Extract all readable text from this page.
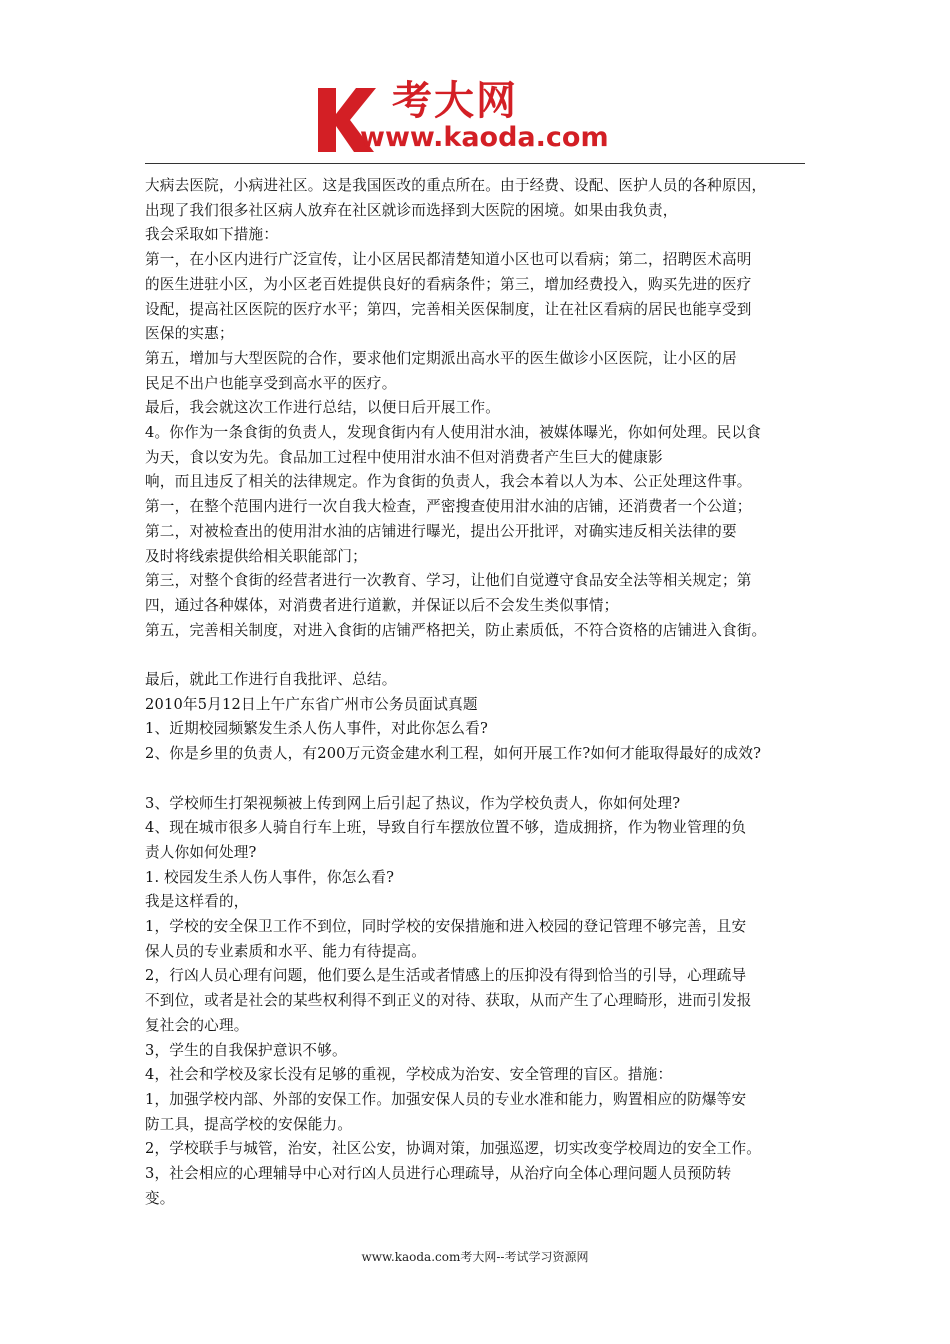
考大网
www.kaoda.com

大病去医院，小病进社区。这是我国医改的重点所在。由于经费、设配、医护人员的各种原因，

出现了我们很多社区病人放弃在社区就诊而选择到大医院的困境。如果由我负责，

我会采取如下措施：

第一，在小区内进行广泛宣传，让小区居民都清楚知道小区也可以看病；第二，招聘医术高明

的医生进驻小区，为小区老百姓提供良好的看病条件；第三，增加经费投入，购买先进的医疗

设配，提高社区医院的医疗水平；第四，完善相关医保制度，让在社区看病的居民也能享受到

医保的实惠；

第五，增加与大型医院的合作，要求他们定期派出高水平的医生做诊小区医院，让小区的居

民足不出户也能享受到高水平的医疗。

最后，我会就这次工作进行总结，以便日后开展工作。

4。你作为一条食街的负责人，发现食街内有人使用泔水油，被媒体曝光，你如何处理。民以食

为天，食以安为先。食品加工过程中使用泔水油不但对消费者产生巨大的健康影

响，而且违反了相关的法律规定。作为食街的负责人，我会本着以人为本、公正处理这件事。

第一，在整个范围内进行一次自我大检查，严密搜查使用泔水油的店铺，还消费者一个公道；

第二，对被检查出的使用泔水油的店铺进行曝光，提出公开批评，对确实违反相关法律的要

及时将线索提供给相关职能部门；

第三，对整个食街的经营者进行一次教育、学习，让他们自觉遵守食品安全法等相关规定；第

四，通过各种媒体，对消费者进行道歉，并保证以后不会发生类似事情；

第五，完善相关制度，对进入食街的店铺严格把关，防止素质低，不符合资格的店铺进入食街。

最后，就此工作进行自我批评、总结。

2010年5月12日上午广东省广州市公务员面试真题

1、近期校园频繁发生杀人伤人事件，对此你怎么看?

2、你是乡里的负责人，有200万元资金建水利工程，如何开展工作?如何才能取得最好的成效?

3、学校师生打架视频被上传到网上后引起了热议，作为学校负责人，你如何处理?

4、现在城市很多人骑自行车上班，导致自行车摆放位置不够，造成拥挤，作为物业管理的负

责人你如何处理?

1. 校园发生杀人伤人事件，你怎么看?

我是这样看的，

1，学校的安全保卫工作不到位，同时学校的安保措施和进入校园的登记管理不够完善，且安

保人员的专业素质和水平、能力有待提高。

2，行凶人员心理有问题，他们要么是生活或者情感上的压抑没有得到恰当的引导，心理疏导

不到位，或者是社会的某些权利得不到正义的对待、获取，从而产生了心理畸形，进而引发报

复社会的心理。

3，学生的自我保护意识不够。

4，社会和学校及家长没有足够的重视，学校成为治安、安全管理的盲区。措施：

1，加强学校内部、外部的安保工作。加强安保人员的专业水准和能力，购置相应的防爆等安

防工具，提高学校的安保能力。

2，学校联手与城管，治安，社区公安，协调对策，加强巡逻，切实改变学校周边的安全工作。

3，社会相应的心理辅导中心对行凶人员进行心理疏导，从治疗向全体心理问题人员预防转

变。

www.kaoda.com考大网--考试学习资源网
